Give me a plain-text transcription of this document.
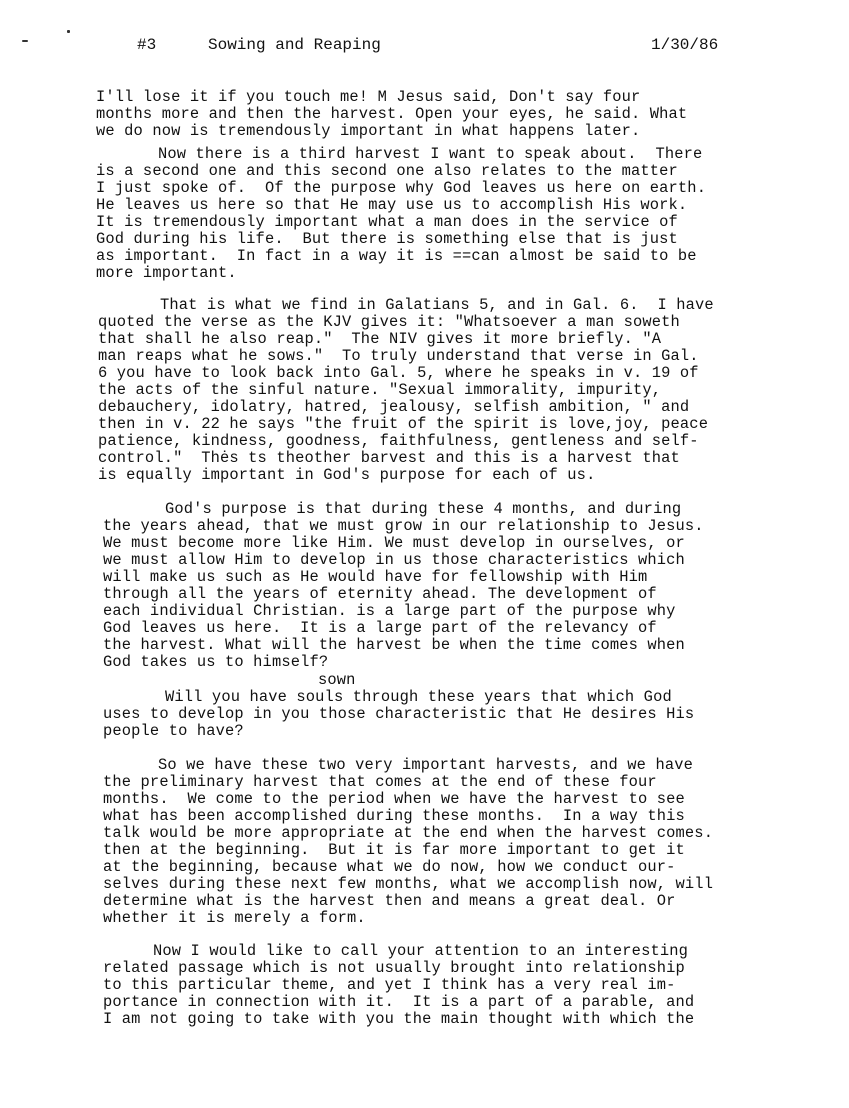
#3	Sowing and Reaping	1/30/86
I'll lose it if you touch me! M Jesus said, Don't say four
months more and then the harvest. Open your eyes, he said. What
we do now is tremendously important in what happens later.
Now there is a third harvest I want to speak about.  There
is a second one and this second one also relates to the matter
I just spoke of.  Of the purpose why God leaves us here on earth.
He leaves us here so that He may use us to accomplish His work.
It is tremendously important what a man does in the service of
God during his life.  But there is something else that is just
as important.  In fact in a way it is ==can almost be said to be
more important.
That is what we find in Galatians 5, and in Gal. 6.  I have
quoted the verse as the KJV gives it: "Whatsoever a man soweth
that shall he also reap."  The NIV gives it more briefly. "A
man reaps what he sows."  To truly understand that verse in Gal.
6 you have to look back into Gal. 5, where he speaks in v. 19 of
the acts of the sinful nature. "Sexual immorality, impurity,
debauchery, idolatry, hatred, jealousy, selfish ambition, " and
then in v. 22 he says "the fruit of the spirit is love,joy, peace
patience, kindness, goodness, faithfulness, gentleness and self-
control."  Thės ts theother barvest and this is a harvest that
is equally important in God's purpose for each of us.
God's purpose is that during these 4 months, and during
the years ahead, that we must grow in our relationship to Jesus.
We must become more like Him. We must develop in ourselves, or
we must allow Him to develop in us those characteristics which
will make us such as He would have for fellowship with Him
through all the years of eternity ahead. The development of
each individual Christian. is a large part of the purpose why
God leaves us here.  It is a large part of the relevancy of
the harvest. What will the harvest be when the time comes when
God takes us to himself?
sown
Will you have souls through these years that which God
uses to develop in you those characteristic that He desires His
people to have?
So we have these two very important harvests, and we have
the preliminary harvest that comes at the end of these four
months.  We come to the period when we have the harvest to see
what has been accomplished during these months.  In a way this
talk would be more appropriate at the end when the harvest comes.
then at the beginning.  But it is far more important to get it
at the beginning, because what we do now, how we conduct our-
selves during these next few months, what we accomplish now, will
determine what is the harvest then and means a great deal. Or
whether it is merely a form.
Now I would like to call your attention to an interesting
related passage which is not usually brought into relationship
to this particular theme, and yet I think has a very real im-
portance in connection with it.  It is a part of a parable, and
I am not going to take with you the main thought with which the
